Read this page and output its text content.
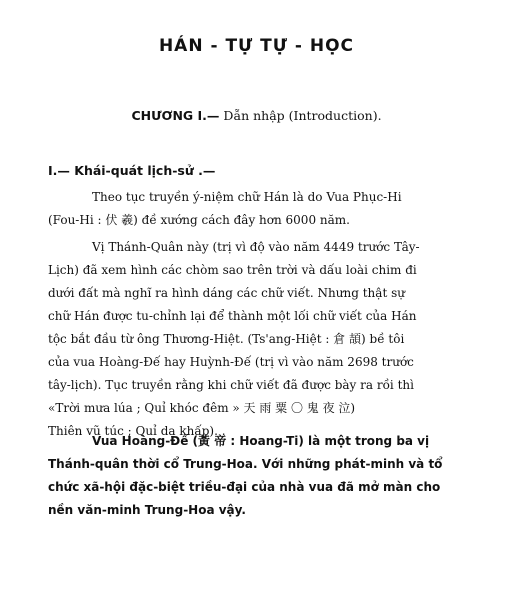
HÁN - TỰ TỰ - HỌC
CHƯƠNG I.— Dẫn nhập (Introduction).
I.— Khái-quát lịch-sử .—
Theo tục truyền ý-niệm chữ Hán là do Vua Phục-Hi
(Fou-Hi : 伏 羲) đề xướng cách đây hơn 6000 năm.
Vị Thánh-Quân này (trị vì độ vào năm 4449 trước Tây-
Lịch) đã xem hình các chòm sao trên trời và dấu loài chim đi
dưới đất mà nghĩ ra hình dáng các chữ viết. Nhưng thật sự
chữ Hán được tu-chỉnh lại để thành một lối chữ viết của Hán
tộc bắt đầu từ ông Thương-Hiệt. (Ts'ang-Hiệt : 倉 頡) bề tôi
của vua Hoàng-Đế hay Huỳnh-Đế (trị vì vào năm 2698 trước
tây-lịch). Tục truyền rằng khi chữ viết đã được bày ra rồi thì
«Trời mưa lúa ; Quỉ khóc đêm » 天 雨 粟 〇 鬼 夜 泣)
Thiên vũ túc ; Quỉ dạ khấp). .
Vua Hoàng-Đế (黃 帝 : Hoang-Ti) là một trong ba vị
Thánh-quân thời cổ Trung-Hoa. Với những phát-minh và tổ
chức xã-hội đặc-biệt triều-đại của nhà vua đã mở màn cho
nền văn-minh Trung-Hoa vậy.
